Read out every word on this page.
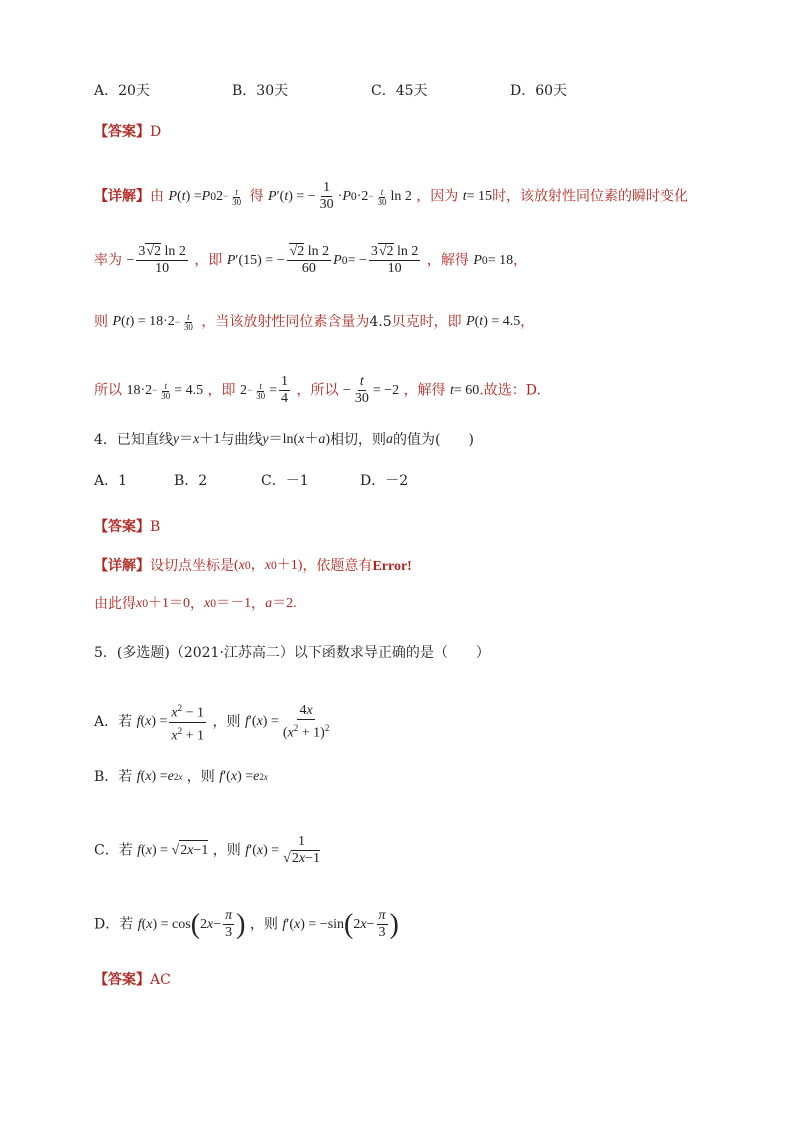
A．20天	B．30天	C．45天	D．60天
【答案】D
【详解】由 P ( t ) = P 0 $2 - \frac{t}{30}$ 得 P ′( t ) = − $\frac{1}{30} \cdot P$ $0 \cdot 2 - \frac{t}{30}$ ln 2 ，因为 t = 15时，该放射性同位素的瞬时变化
率为 − $\frac{3√2 \ln 2}{10}$ ，即 P ′(15) = − $\frac{√2 \ln 2}{60}$ P 0 = − $\frac{3√2 \ln 2}{10}$ ，解得 P 0 = 18，
则 P ( t ) = $18\cdot 2 - \frac{t}{30}$ ，当该放射性同位素含量为4.5贝克时，即 P ( t ) = 4.5，
所以 $18\cdot 2 - \frac{t}{30} = 4.5$ ，即 $2 - \frac{t}{30} = \frac{1}{4}$ ，所以 − $\frac{t}{30} = -2$ ，解得 t = 60.故选：D.
4．已知直线 y ＝ x ＋1与曲线 y ＝ln( x ＋ a )相切，则a的值为(　　)
A．1	B．2	C．－1	D．－2
【答案】B
【详解】设切点坐标是( x 0 ， x 0 ＋1)，依题意有Error!
由此得 x 0 ＋1＝0， x 0 ＝－1， a ＝2.
5．(多选题)（2021·江苏高二）以下函数求导正确的是（　　）
A．若 f ( x ) = $\frac{x^2 - 1}{x^2 + 1}$ ，则 f ′( x ) = $\frac{4x}{(x^2 + 1)^2}$
B．若 f ( x ) = e 2x ，则 f ′( x ) = e 2x
C．若 f ( x ) = √ 2x−1 ，则 f ′( x ) = $\frac{1}{√2x-1}$
D．若 f ( x ) = cos ( 2 $x - \frac{\pi}{3}$ ) ，则 f ′( x ) = −sin ( 2 $x - \frac{\pi}{3}$ )
【答案】AC
